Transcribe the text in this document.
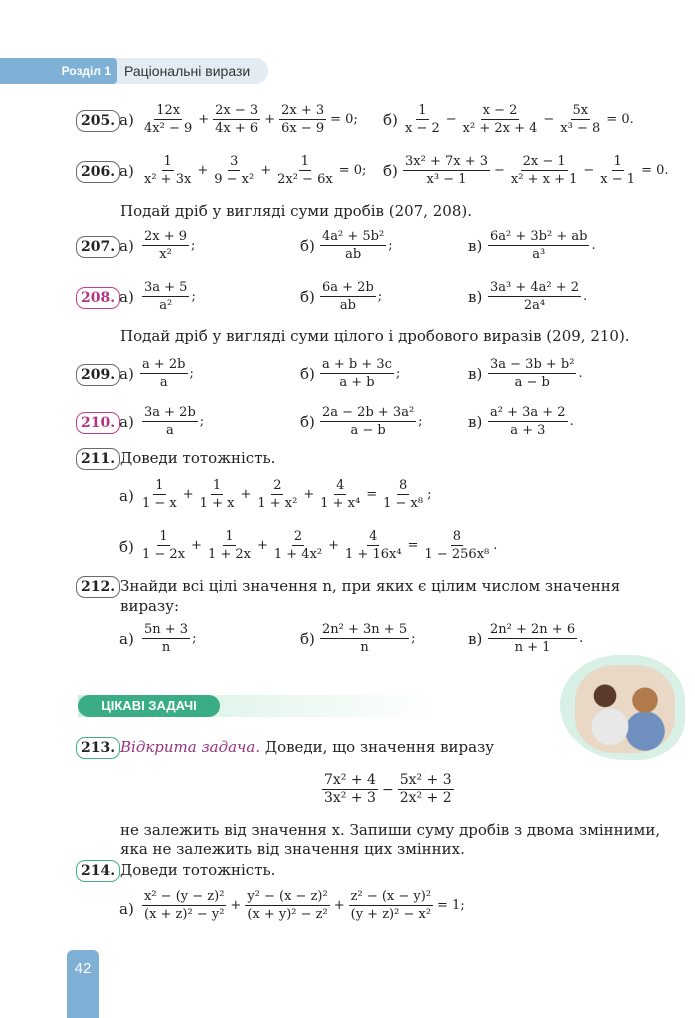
Розділ 1 Раціональні вирази
205. а)
12x
4x² − 9
+ $\frac{2x - 3}{4x + 6} + \frac{2x + 3}{6x - 9} = 0$; б)
1
x − 2
− $\frac{x - 2}{\text{x² + 2x + 4}} - \frac{5x}{\text{x³ − 8}} = 0$.
206. а)
1
x² + 3x
+ $\frac{3}{\text{9 − x²}} + \frac{1}{\text{2x² − 6x}} = 0$; б)
3x² + 7x + 3
x³ − 1
− $\frac{2x - 1}{\text{x² + x + 1}} - \frac{1}{x - 1} = 0$.
Подай дріб у вигляді суми дробів (207, 208).
207. а)
2x + 9
x²
;	б)
4a² + 5b²
ab
;	в)
6a² + 3b² + ab
a³
.
208. а)
3a + 5
a²
;	б)
6a + 2b
ab
;	в)
3a³ + 4a² + 2
2a⁴
.
Подай дріб у вигляді суми цілого і дробового виразів (209, 210).
209. а)
a + 2b
a
;	б)
a + b + 3c
a + b
;	в)
3a − 3b + b²
a − b
.
210. а)
3a + 2b
a
;	б)
2a − 2b + 3a²
a − b
;	в)
a² + 3a + 2
a + 3
.
211. Доведи тотожність.
а)
1
1 − x
+ $\frac{1}{1 + x} + \frac{2}{\text{1 + x²}} + \frac{4}{\text{1 + x⁴}} = \frac{8}{\text{1 − x⁸}}$ ;
б)
1
1 − 2x
+ $\frac{1}{1 + 2x} + \frac{2}{\text{1 + 4x²}} + \frac{4}{\text{1 + 16x⁴}} = \frac{8}{\text{1 − 256x⁸}}$ .
212. Знайди всі цілі значення n, при яких є цілим числом значення
виразу:
а)
5n + 3
n
;	б)
2n² + 3n + 5
n
;	в)
2n² + 2n + 6
n + 1
.
ЦІКАВІ ЗАДАЧІ
213. Відкрита задача. Доведи, що значення виразу
7x² + 4
3x² + 3
− $\frac{\text{5x² + 3}}{\text{2x² + 2}}$
не залежить від значення x. Запиши суму дробів з двома змінними,
яка не залежить від значення цих змінних.
214. Доведи тотожність.
а)
x² − (y − z)²
(x + z)² − y²
+ $\frac{\text{y² − (x − z)²}}{\text{(x + y)² − z²}} + \frac{\text{z² − (x − y)²}}{\text{(y + z)² − x²}} = 1$;
42
